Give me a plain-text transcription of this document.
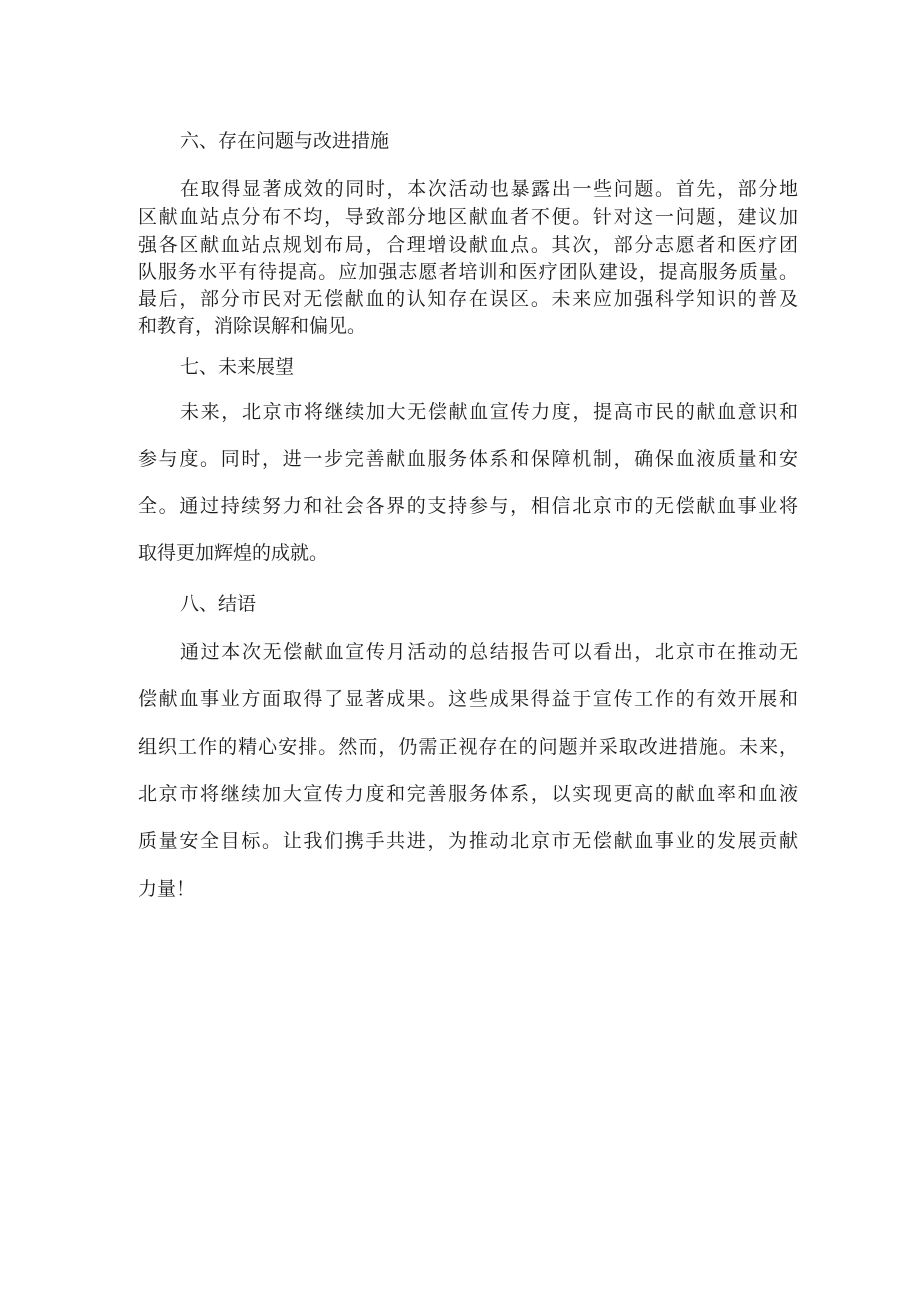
六、存在问题与改进措施
在取得显著成效的同时，本次活动也暴露出一些问题。首先，部分地
区献血站点分布不均，导致部分地区献血者不便。针对这一问题，建议加
强各区献血站点规划布局，合理增设献血点。其次，部分志愿者和医疗团
队服务水平有待提高。应加强志愿者培训和医疗团队建设，提高服务质量。
最后，部分市民对无偿献血的认知存在误区。未来应加强科学知识的普及
和教育，消除误解和偏见。
七、未来展望
未来，北京市将继续加大无偿献血宣传力度，提高市民的献血意识和
参与度。同时，进一步完善献血服务体系和保障机制，确保血液质量和安
全。通过持续努力和社会各界的支持参与，相信北京市的无偿献血事业将
取得更加辉煌的成就。
八、结语
通过本次无偿献血宣传月活动的总结报告可以看出，北京市在推动无
偿献血事业方面取得了显著成果。这些成果得益于宣传工作的有效开展和
组织工作的精心安排。然而，仍需正视存在的问题并采取改进措施。未来，
北京市将继续加大宣传力度和完善服务体系，以实现更高的献血率和血液
质量安全目标。让我们携手共进，为推动北京市无偿献血事业的发展贡献
力量！
